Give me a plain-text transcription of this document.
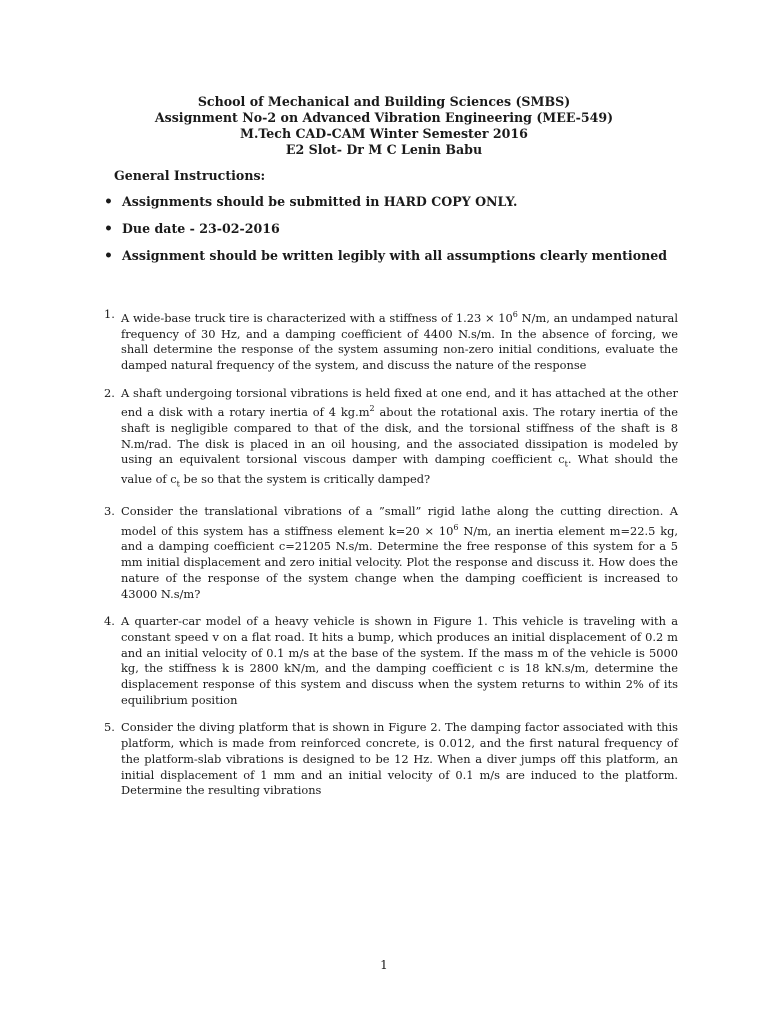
School of Mechanical and Building Sciences (SMBS)
Assignment No-2 on Advanced Vibration Engineering (MEE-549)
M.Tech CAD-CAM Winter Semester 2016
E2 Slot- Dr M C Lenin Babu
General Instructions:
• Assignments should be submitted in HARD COPY ONLY.
• Due date - 23-02-2016
• Assignment should be written legibly with all assumptions clearly mentioned
1. A wide-base truck tire is characterized with a stiffness of $1.23 \times 10^6$ N/m, an undamped natural frequency of 30 Hz, and a damping coefficient of 4400 N.s/m. In the absence of forcing, we shall determine the response of the system assuming non-zero initial conditions, evaluate the damped natural frequency of the system, and discuss the nature of the response
2. A shaft undergoing torsional vibrations is held fixed at one end, and it has attached at the other end a disk with a rotary inertia of 4 $kg.m^2$ about the rotational axis. The rotary inertia of the shaft is negligible compared to that of the disk, and the torsional stiffness of the shaft is 8 N.m/rad. The disk is placed in an oil housing, and the associated dissipation is modeled by using an equivalent torsional viscous damper with damping coefficient $c_t$. What should the value of $c_t$ be so that the system is critically damped?
3. Consider the translational vibrations of a ”small” rigid lathe along the cutting direction. A model of this system has a stiffness element $k=20 \times 10^6$ N/m, an inertia element m=22.5 kg, and a damping coefficient c=21205 N.s/m. Determine the free response of this system for a 5 mm initial displacement and zero initial velocity. Plot the response and discuss it. How does the nature of the response of the system change when the damping coefficient is increased to 43000 N.s/m?
4. A quarter-car model of a heavy vehicle is shown in Figure 1. This vehicle is traveling with a constant speed v on a flat road. It hits a bump, which produces an initial displacement of 0.2 m and an initial velocity of 0.1 m/s at the base of the system. If the mass m of the vehicle is 5000 kg, the stiffness k is 2800 kN/m, and the damping coefficient c is 18 kN.s/m, determine the displacement response of this system and discuss when the system returns to within 2% of its equilibrium position
5. Consider the diving platform that is shown in Figure 2. The damping factor associated with this platform, which is made from reinforced concrete, is 0.012, and the first natural frequency of the platform-slab vibrations is designed to be 12 Hz. When a diver jumps off this platform, an initial displacement of 1 mm and an initial velocity of 0.1 m/s are induced to the platform. Determine the resulting vibrations
1
